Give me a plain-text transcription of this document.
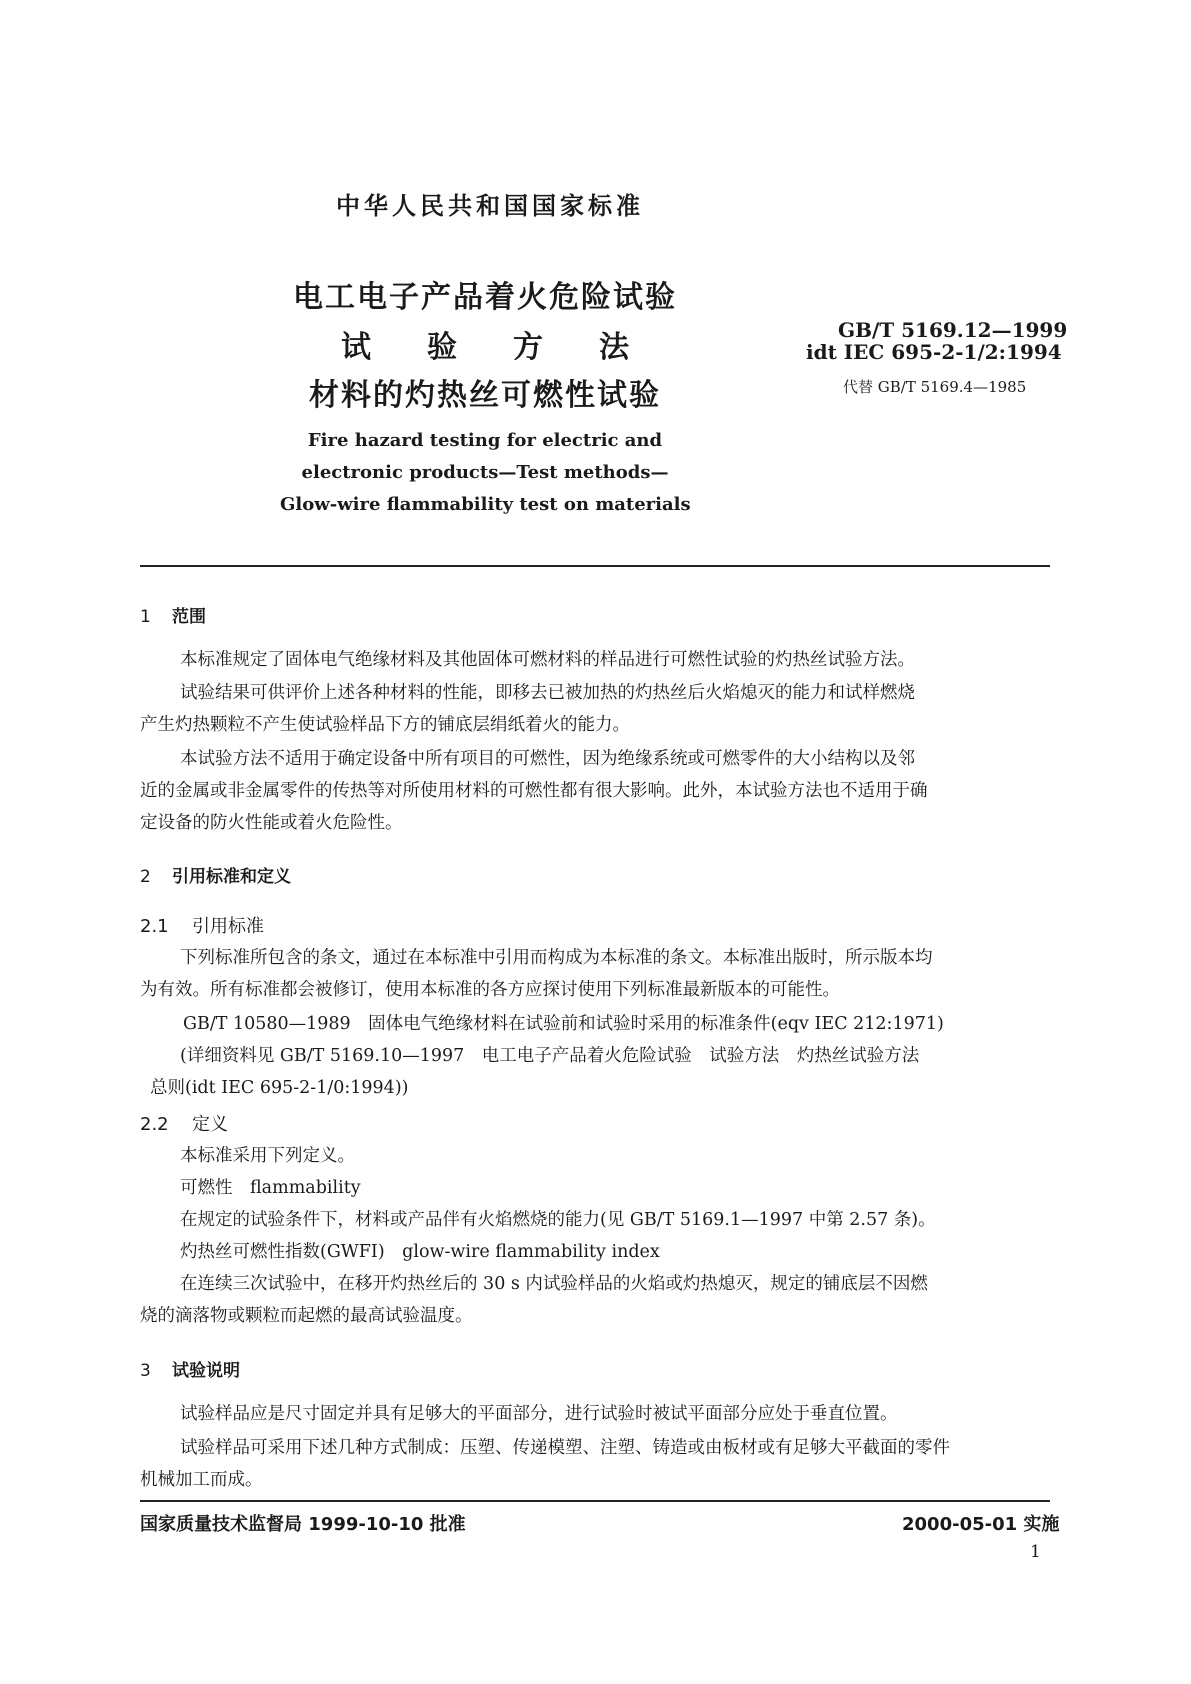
中华人民共和国国家标准
电工电子产品着火危险试验
试验方法
材料的灼热丝可燃性试验
GB/T 5169.12—1999
idt IEC 695-2-1/2:1994
代替 GB/T 5169.4—1985
Fire hazard testing for electric and
electronic products—Test methods—
Glow-wire flammability test on materials
1 范围
本标准规定了固体电气绝缘材料及其他固体可燃材料的样品进行可燃性试验的灼热丝试验方法。
试验结果可供评价上述各种材料的性能，即移去已被加热的灼热丝后火焰熄灭的能力和试样燃烧
产生灼热颗粒不产生使试验样品下方的铺底层绢纸着火的能力。
本试验方法不适用于确定设备中所有项目的可燃性，因为绝缘系统或可燃零件的大小结构以及邻
近的金属或非金属零件的传热等对所使用材料的可燃性都有很大影响。此外，本试验方法也不适用于确
定设备的防火性能或着火危险性。
2 引用标准和定义
2.1 引用标准
下列标准所包含的条文，通过在本标准中引用而构成为本标准的条文。本标准出版时，所示版本均
为有效。所有标准都会被修订，使用本标准的各方应探讨使用下列标准最新版本的可能性。
GB/T 10580—1989　固体电气绝缘材料在试验前和试验时采用的标准条件(eqv IEC 212:1971)
(详细资料见 GB/T 5169.10—1997　电工电子产品着火危险试验　试验方法　灼热丝试验方法
总则(idt IEC 695-2-1/0:1994))
2.2 定义
本标准采用下列定义。
可燃性　flammability
在规定的试验条件下，材料或产品伴有火焰燃烧的能力(见 GB/T 5169.1—1997 中第 2.57 条)。
灼热丝可燃性指数(GWFI)　glow-wire flammability index
在连续三次试验中，在移开灼热丝后的 30 s 内试验样品的火焰或灼热熄灭，规定的铺底层不因燃
烧的滴落物或颗粒而起燃的最高试验温度。
3 试验说明
试验样品应是尺寸固定并具有足够大的平面部分，进行试验时被试平面部分应处于垂直位置。
试验样品可采用下述几种方式制成：压塑、传递模塑、注塑、铸造或由板材或有足够大平截面的零件
机械加工而成。
国家质量技术监督局 1999-10-10 批准	2000-05-01 实施
1
